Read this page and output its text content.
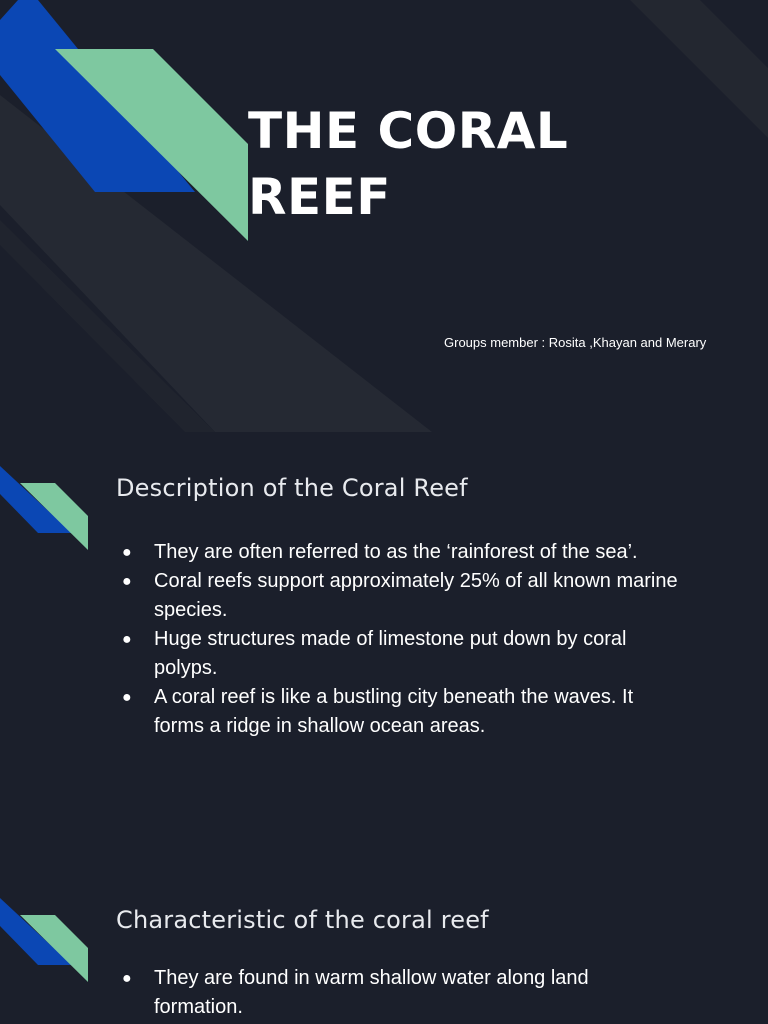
THE CORAL
REEF
Groups member : Rosita ,Khayan and Merary
Description of the Coral Reef
● They are often referred to as the ‘rainforest of the sea’.
● Coral reefs support approximately 25% of all known marine species.
● Huge structures made of limestone put down by coral polyps.
● A coral reef is like a bustling city beneath the waves. It forms a ridge in shallow ocean areas.
Characteristic of the coral reef
● They are found in warm shallow water along land formation.
